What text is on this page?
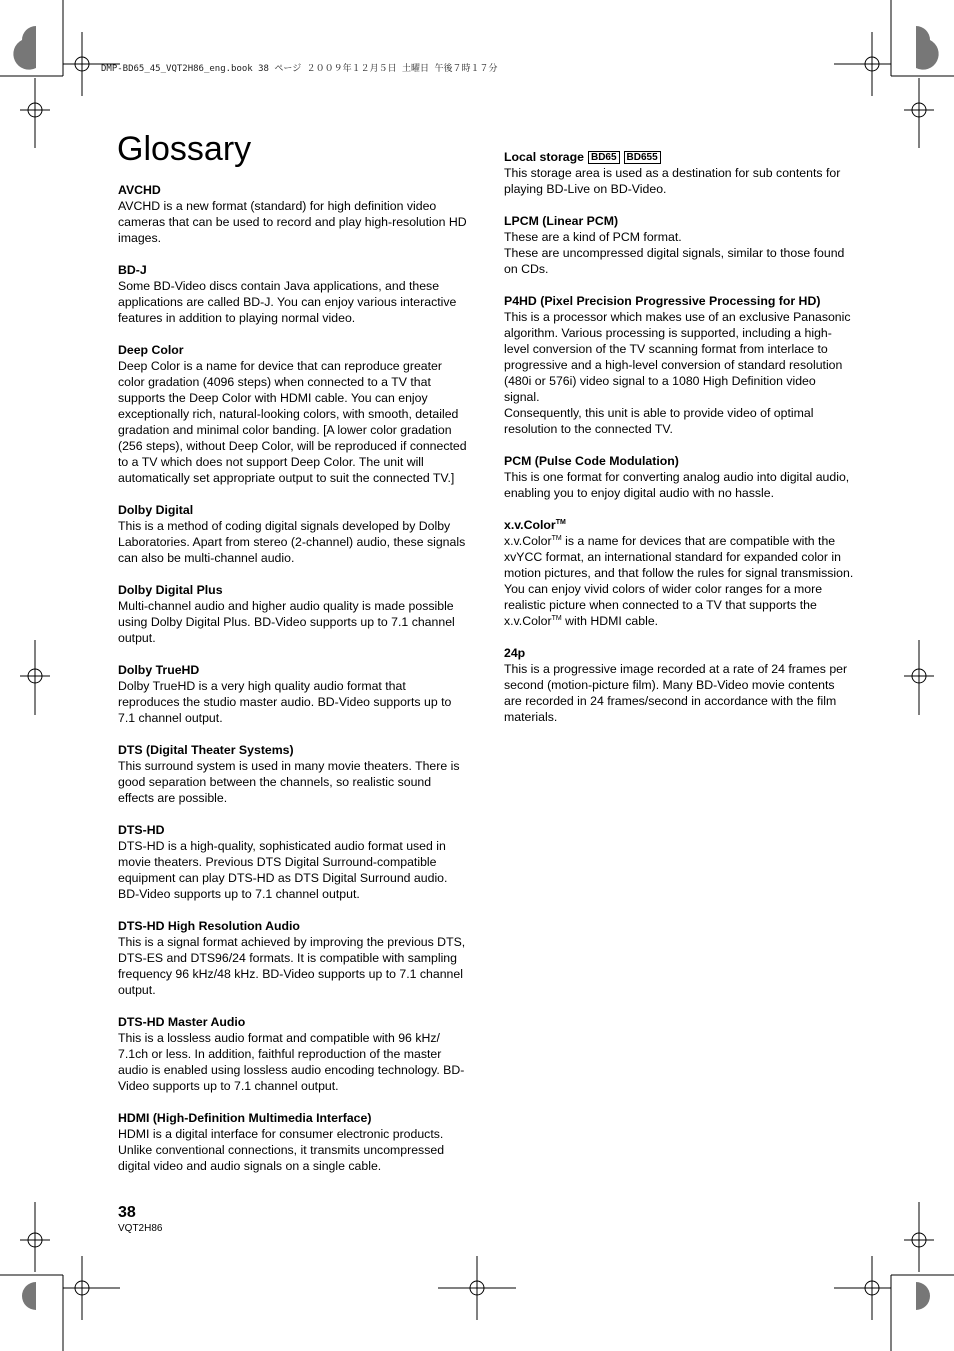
DMP-BD65_45_VQT2H86_eng.book 38 ページ ２００９年１２月５日 土曜日 午後７時１７分
Glossary
AVCHD
AVCHD is a new format (standard) for high definition video cameras that can be used to record and play high-resolution HD images.
BD-J
Some BD-Video discs contain Java applications, and these applications are called BD-J. You can enjoy various interactive features in addition to playing normal video.
Deep Color
Deep Color is a name for device that can reproduce greater color gradation (4096 steps) when connected to a TV that supports the Deep Color with HDMI cable. You can enjoy exceptionally rich, natural-looking colors, with smooth, detailed gradation and minimal color banding. [A lower color gradation (256 steps), without Deep Color, will be reproduced if connected to a TV which does not support Deep Color. The unit will automatically set appropriate output to suit the connected TV.]
Dolby Digital
This is a method of coding digital signals developed by Dolby Laboratories. Apart from stereo (2-channel) audio, these signals can also be multi-channel audio.
Dolby Digital Plus
Multi-channel audio and higher audio quality is made possible using Dolby Digital Plus. BD-Video supports up to 7.1 channel output.
Dolby TrueHD
Dolby TrueHD is a very high quality audio format that reproduces the studio master audio. BD-Video supports up to 7.1 channel output.
DTS (Digital Theater Systems)
This surround system is used in many movie theaters. There is good separation between the channels, so realistic sound effects are possible.
DTS-HD
DTS-HD is a high-quality, sophisticated audio format used in movie theaters. Previous DTS Digital Surround-compatible equipment can play DTS-HD as DTS Digital Surround audio. BD-Video supports up to 7.1 channel output.
DTS-HD High Resolution Audio
This is a signal format achieved by improving the previous DTS, DTS-ES and DTS96/24 formats. It is compatible with sampling frequency 96 kHz/48 kHz. BD-Video supports up to 7.1 channel output.
DTS-HD Master Audio
This is a lossless audio format and compatible with 96 kHz/ 7.1ch or less. In addition, faithful reproduction of the master audio is enabled using lossless audio encoding technology. BD-Video supports up to 7.1 channel output.
HDMI (High-Definition Multimedia Interface)
HDMI is a digital interface for consumer electronic products. Unlike conventional connections, it transmits uncompressed digital video and audio signals on a single cable.
Local storage BD65 BD655
This storage area is used as a destination for sub contents for playing BD-Live on BD-Video.
LPCM (Linear PCM)
These are a kind of PCM format.
These are uncompressed digital signals, similar to those found on CDs.
P4HD (Pixel Precision Progressive Processing for HD)
This is a processor which makes use of an exclusive Panasonic algorithm. Various processing is supported, including a high-level conversion of the TV scanning format from interlace to progressive and a high-level conversion of standard resolution (480i or 576i) video signal to a 1080 High Definition video signal.
Consequently, this unit is able to provide video of optimal resolution to the connected TV.
PCM (Pulse Code Modulation)
This is one format for converting analog audio into digital audio, enabling you to enjoy digital audio with no hassle.
x.v.Color™
x.v.Color™ is a name for devices that are compatible with the xvYCC format, an international standard for expanded color in motion pictures, and that follow the rules for signal transmission.
You can enjoy vivid colors of wider color ranges for a more realistic picture when connected to a TV that supports the x.v.Color™ with HDMI cable.
24p
This is a progressive image recorded at a rate of 24 frames per second (motion-picture film). Many BD-Video movie contents are recorded in 24 frames/second in accordance with the film materials.
38
VQT2H86
